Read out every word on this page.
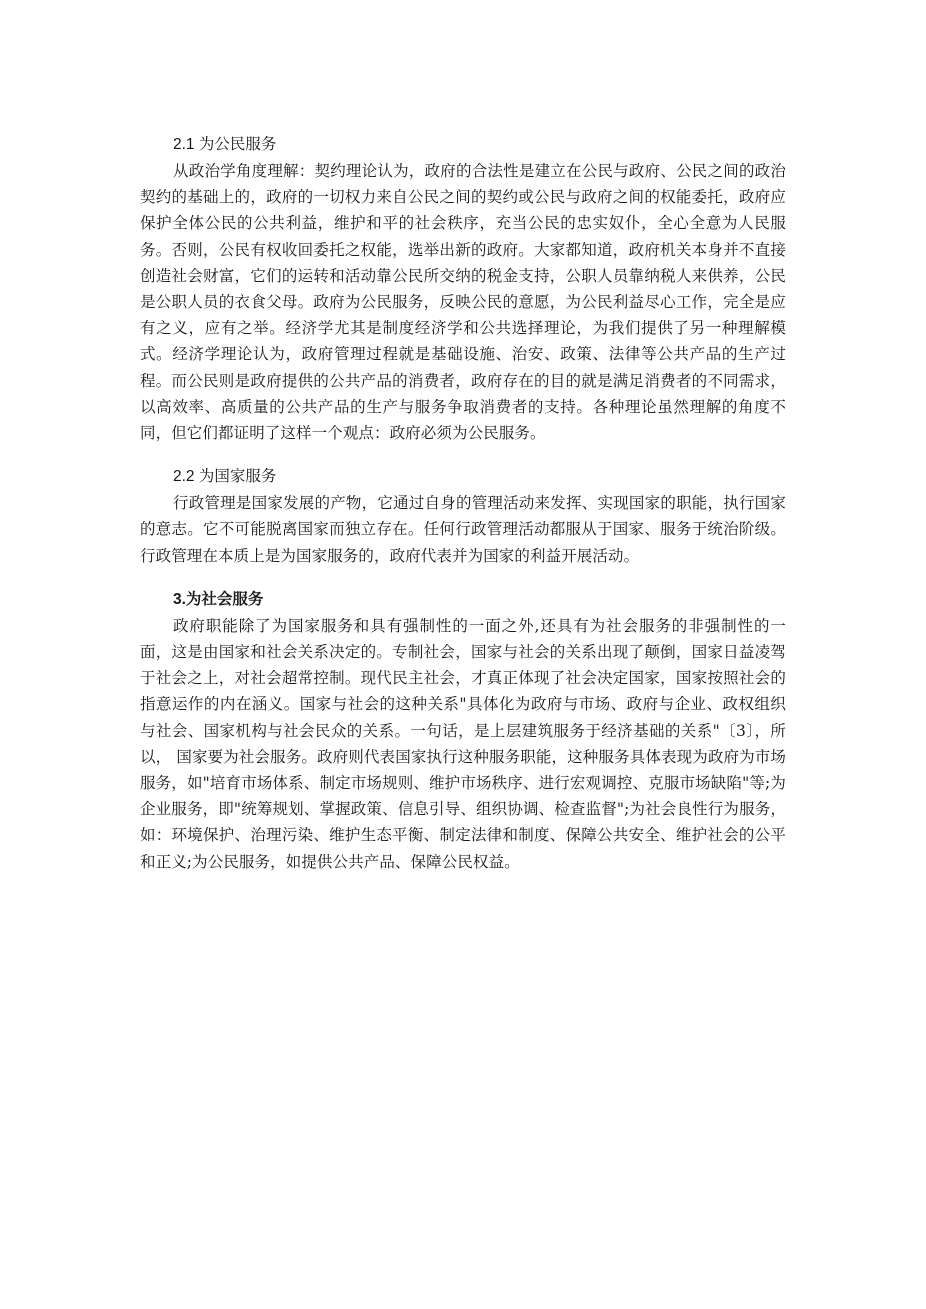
2.1 为公民服务

从政治学角度理解：契约理论认为，政府的合法性是建立在公民与政府、公民之间的政治契约的基础上的，政府的一切权力来自公民之间的契约或公民与政府之间的权能委托，政府应保护全体公民的公共利益，维护和平的社会秩序，充当公民的忠实奴仆，全心全意为人民服务。否则，公民有权收回委托之权能，选举出新的政府。大家都知道，政府机关本身并不直接创造社会财富，它们的运转和活动靠公民所交纳的税金支持，公职人员靠纳税人来供养，公民是公职人员的衣食父母。政府为公民服务，反映公民的意愿，为公民利益尽心工作，完全是应有之义，应有之举。经济学尤其是制度经济学和公共选择理论，为我们提供了另一种理解模式。经济学理论认为，政府管理过程就是基础设施、治安、政策、法律等公共产品的生产过程。而公民则是政府提供的公共产品的消费者，政府存在的目的就是满足消费者的不同需求，以高效率、高质量的公共产品的生产与服务争取消费者的支持。各种理论虽然理解的角度不同，但它们都证明了这样一个观点：政府必须为公民服务。

2.2 为国家服务

行政管理是国家发展的产物，它通过自身的管理活动来发挥、实现国家的职能，执行国家的意志。它不可能脱离国家而独立存在。任何行政管理活动都服从于国家、服务于统治阶级。行政管理在本质上是为国家服务的，政府代表并为国家的利益开展活动。

3.为社会服务

政府职能除了为国家服务和具有强制性的一面之外,还具有为社会服务的非强制性的一面，这是由国家和社会关系决定的。专制社会，国家与社会的关系出现了颠倒，国家日益凌驾于社会之上，对社会超常控制。现代民主社会，才真正体现了社会决定国家，国家按照社会的指意运作的内在涵义。国家与社会的这种关系"具体化为政府与市场、政府与企业、政权组织与社会、国家机构与社会民众的关系。一句话，是上层建筑服务于经济基础的关系"〔3〕，所以， 国家要为社会服务。政府则代表国家执行这种服务职能，这种服务具体表现为政府为市场服务，如"培育市场体系、制定市场规则、维护市场秩序、进行宏观调控、克服市场缺陷"等;为企业服务，即"统筹规划、掌握政策、信息引导、组织协调、检查监督";为社会良性行为服务，如：环境保护、治理污染、维护生态平衡、制定法律和制度、保障公共安全、维护社会的公平和正义;为公民服务，如提供公共产品、保障公民权益。
